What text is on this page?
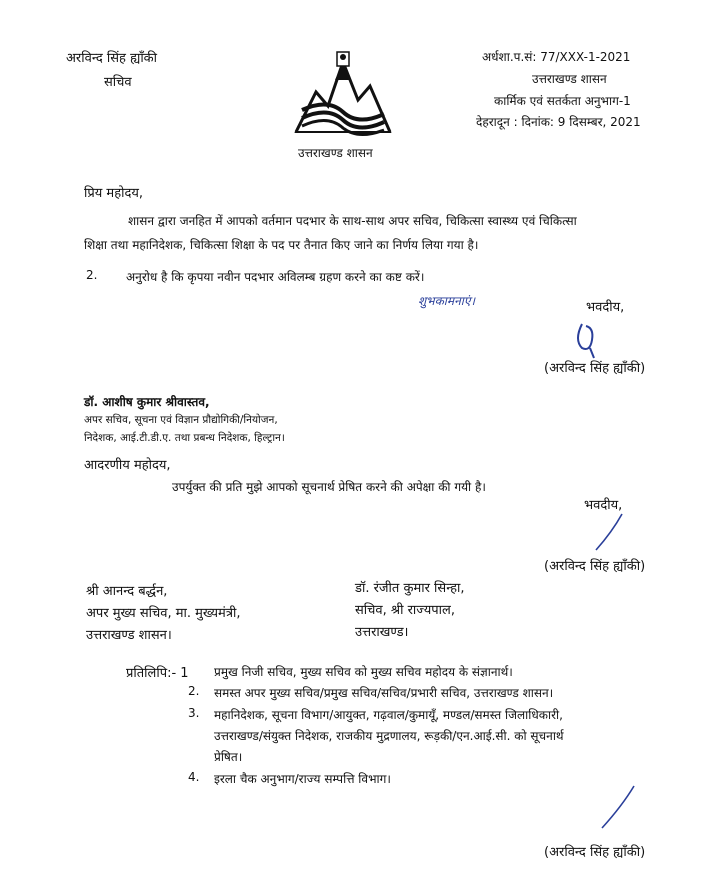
अरविन्द सिंह ह्याँकी
सचिव
उत्तराखण्ड शासन
अर्धशा.प.सं: 77/XXX-1-2021
उत्तराखण्ड शासन
कार्मिक एवं सतर्कता अनुभाग-1
देहरादून : दिनांक: 9 दिसम्बर, 2021
प्रिय महोदय,
शासन द्वारा जनहित में आपको वर्तमान पदभार के साथ-साथ अपर सचिव, चिकित्सा स्वास्थ्य एवं चिकित्सा
शिक्षा तथा महानिदेशक, चिकित्सा शिक्षा के पद पर तैनात किए जाने का निर्णय लिया गया है।
2. अनुरोध है कि कृपया नवीन पदभार अविलम्ब ग्रहण करने का कष्ट करें।
शुभकामनाएं।	भवदीय,
(अरविन्द सिंह ह्याँकी)
डॉ. आशीष कुमार श्रीवास्तव,
अपर सचिव, सूचना एवं विज्ञान प्रौद्योगिकी/नियोजन,
निदेशक, आई.टी.डी.ए. तथा प्रबन्ध निदेशक, हिल्ट्रान।
आदरणीय महोदय,
उपर्युक्त की प्रति मुझे आपको सूचनार्थ प्रेषित करने की अपेक्षा की गयी है।
भवदीय,
(अरविन्द सिंह ह्याँकी)
श्री आनन्द बर्द्धन,
अपर मुख्य सचिव, मा. मुख्यमंत्री,
उत्तराखण्ड शासन।
डॉ. रंजीत कुमार सिन्हा,
सचिव, श्री राज्यपाल,
उत्तराखण्ड।
प्रतिलिपि:- 1 प्रमुख निजी सचिव, मुख्य सचिव को मुख्य सचिव महोदय के संज्ञानार्थ।
2. समस्त अपर मुख्य सचिव/प्रमुख सचिव/सचिव/प्रभारी सचिव, उत्तराखण्ड शासन।
3. महानिदेशक, सूचना विभाग/आयुक्त, गढ़वाल/कुमायूँ, मण्डल/समस्त जिलाधिकारी,
उत्तराखण्ड/संयुक्त निदेशक, राजकीय मुद्रणालय, रूड़की/एन.आई.सी. को सूचनार्थ
प्रेषित।
4. इरला चैक अनुभाग/राज्य सम्पत्ति विभाग।
(अरविन्द सिंह ह्याँकी)
